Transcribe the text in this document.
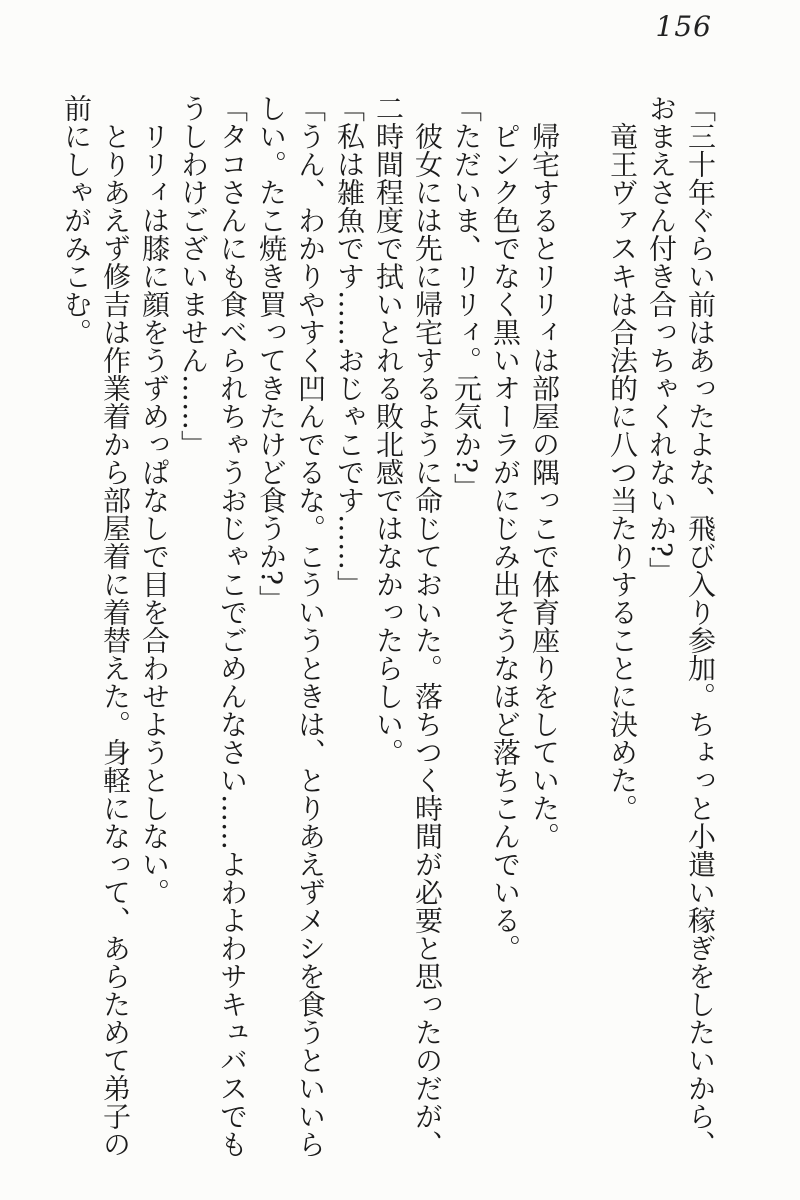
156

「三十年ぐらい前はあったよな、飛び入り参加。ちょっと小遣い稼ぎをしたいから、おまえさん付き合っちゃくれないか?」

竜王ヴァスキは合法的に八つ当たりすることに決めた。

帰宅するとリリィは部屋の隅っこで体育座りをしていた。

ピンク色でなく黒いオーラがにじみ出そうなほど落ちこんでいる。

「ただいま、リリィ。元気か?」

彼女には先に帰宅するように命じておいた。落ちつく時間が必要と思ったのだが、二時間程度で拭いとれる敗北感ではなかったらしい。

「私は雑魚です……おじゃこです……」

「うん、わかりやすく凹んでるな。こういうときは、とりあえずメシを食うといいらしい。たこ焼き買ってきたけど食うか?」

「タコさんにも食べられちゃうおじゃこでごめんなさい……よわよわサキュバスでもうしわけございません……」

リリィは膝に顔をうずめっぱなしで目を合わせようとしない。

とりあえず修吉は作業着から部屋着に着替えた。身軽になって、あらためて弟子の前にしゃがみこむ。
